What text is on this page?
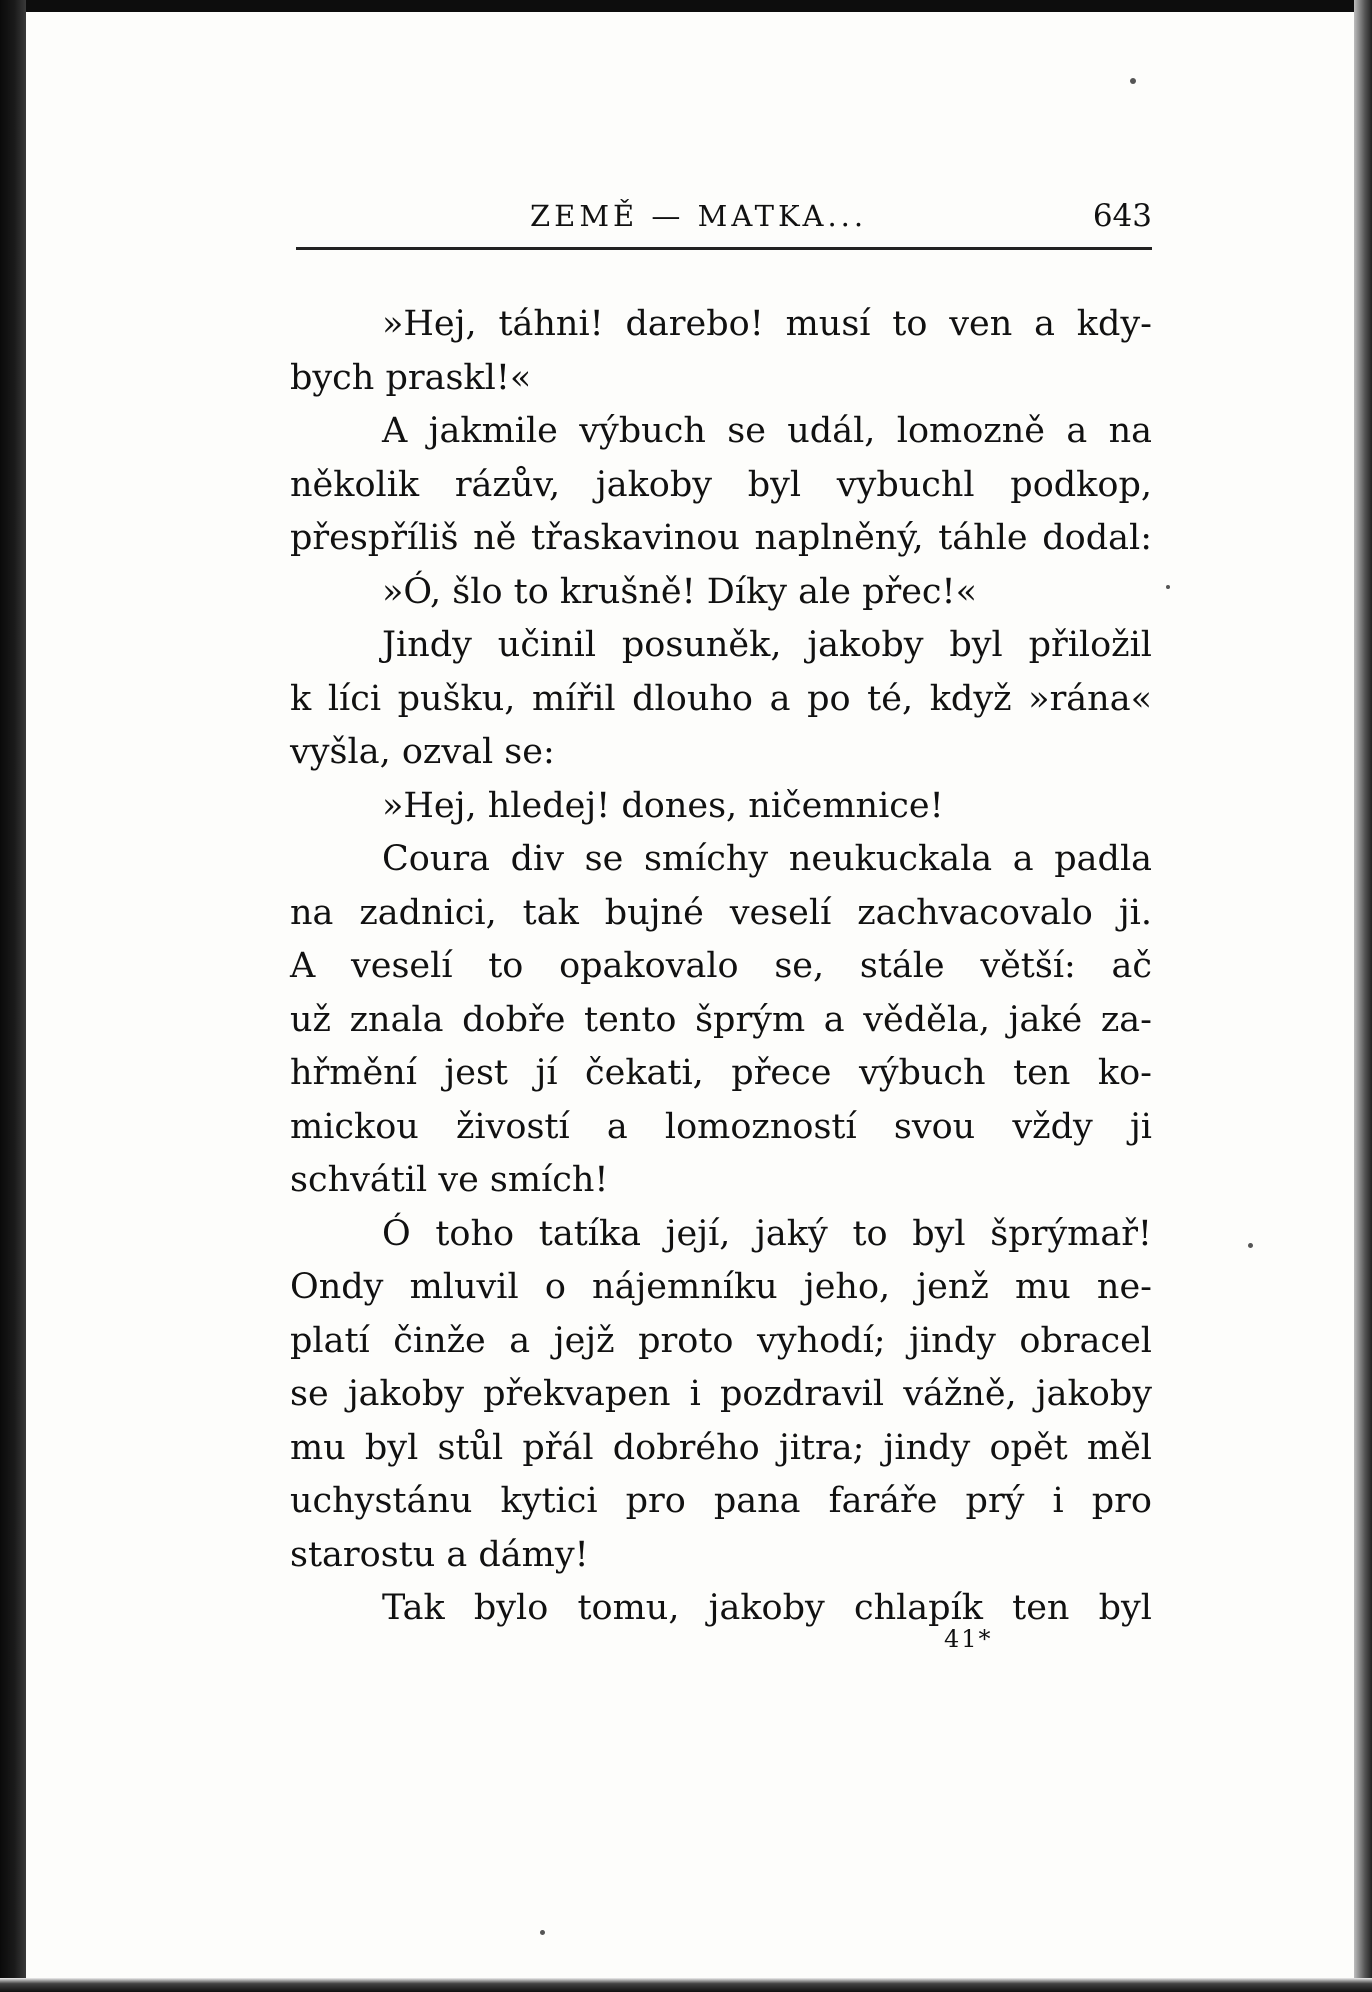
ZEMĚ — MATKA...	643
»Hej, táhni! darebo! musí to ven a kdy-
bych praskl!«
A jakmile výbuch se udál, lomozně a na
několik rázův, jakoby byl vybuchl podkop,
přespříliš ně třaskavinou naplněný, táhle dodal:
»Ó, šlo to krušně! Díky ale přec!«
Jindy učinil posuněk, jakoby byl přiložil
k líci pušku, mířil dlouho a po té, když »rána«
vyšla, ozval se:
»Hej, hledej! dones, ničemnice!
Coura div se smíchy neukuckala a padla
na zadnici, tak bujné veselí zachvacovalo ji.
A veselí to opakovalo se, stále větší: ač
už znala dobře tento šprým a věděla, jaké za-
hřmění jest jí čekati, přece výbuch ten ko-
mickou živostí a lomozností svou vždy ji
schvátil ve smích!
Ó toho tatíka její, jaký to byl šprýmař!
Ondy mluvil o nájemníku jeho, jenž mu ne-
platí činže a jejž proto vyhodí; jindy obracel
se jakoby překvapen i pozdravil vážně, jakoby
mu byl stůl přál dobrého jitra; jindy opět měl
uchystánu kytici pro pana faráře prý i pro
starostu a dámy!
Tak bylo tomu, jakoby chlapík ten byl
41*
